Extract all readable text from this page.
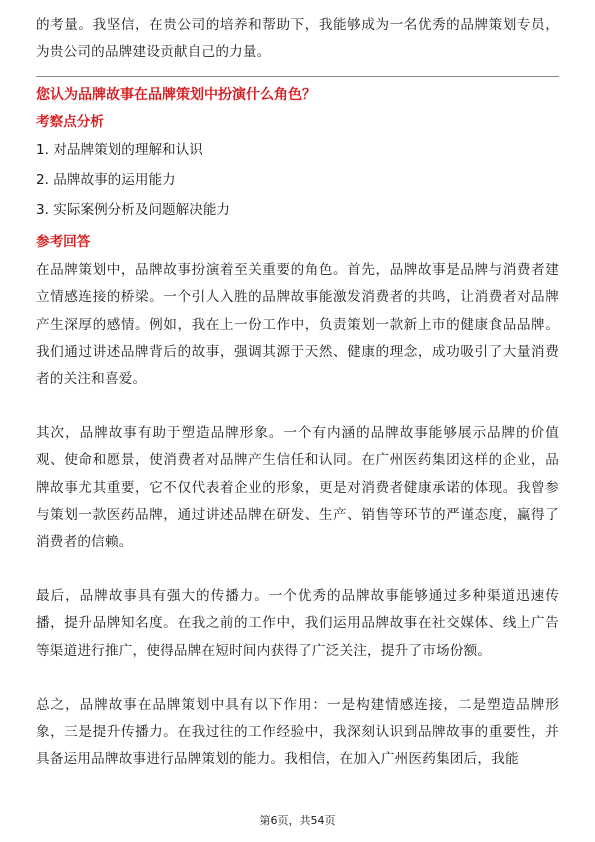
的考量。我坚信，在贵公司的培养和帮助下，我能够成为一名优秀的品牌策划专员，为贵公司的品牌建设贡献自己的力量。

您认为品牌故事在品牌策划中扮演什么角色？
考察点分析
1. 对品牌策划的理解和认识
2. 品牌故事的运用能力
3. 实际案例分析及问题解决能力
参考回答

在品牌策划中，品牌故事扮演着至关重要的角色。首先，品牌故事是品牌与消费者建立情感连接的桥梁。一个引人入胜的品牌故事能激发消费者的共鸣，让消费者对品牌产生深厚的感情。例如，我在上一份工作中，负责策划一款新上市的健康食品品牌。我们通过讲述品牌背后的故事，强调其源于天然、健康的理念，成功吸引了大量消费者的关注和喜爱。

其次，品牌故事有助于塑造品牌形象。一个有内涵的品牌故事能够展示品牌的价值观、使命和愿景，使消费者对品牌产生信任和认同。在广州医药集团这样的企业，品牌故事尤其重要，它不仅代表着企业的形象，更是对消费者健康承诺的体现。我曾参与策划一款医药品牌，通过讲述品牌在研发、生产、销售等环节的严谨态度，赢得了消费者的信赖。

最后，品牌故事具有强大的传播力。一个优秀的品牌故事能够通过多种渠道迅速传播，提升品牌知名度。在我之前的工作中，我们运用品牌故事在社交媒体、线上广告等渠道进行推广，使得品牌在短时间内获得了广泛关注，提升了市场份额。

总之，品牌故事在品牌策划中具有以下作用：一是构建情感连接，二是塑造品牌形象，三是提升传播力。在我过往的工作经验中，我深刻认识到品牌故事的重要性，并具备运用品牌故事进行品牌策划的能力。我相信，在加入广州医药集团后，我能

第6页，共54页
